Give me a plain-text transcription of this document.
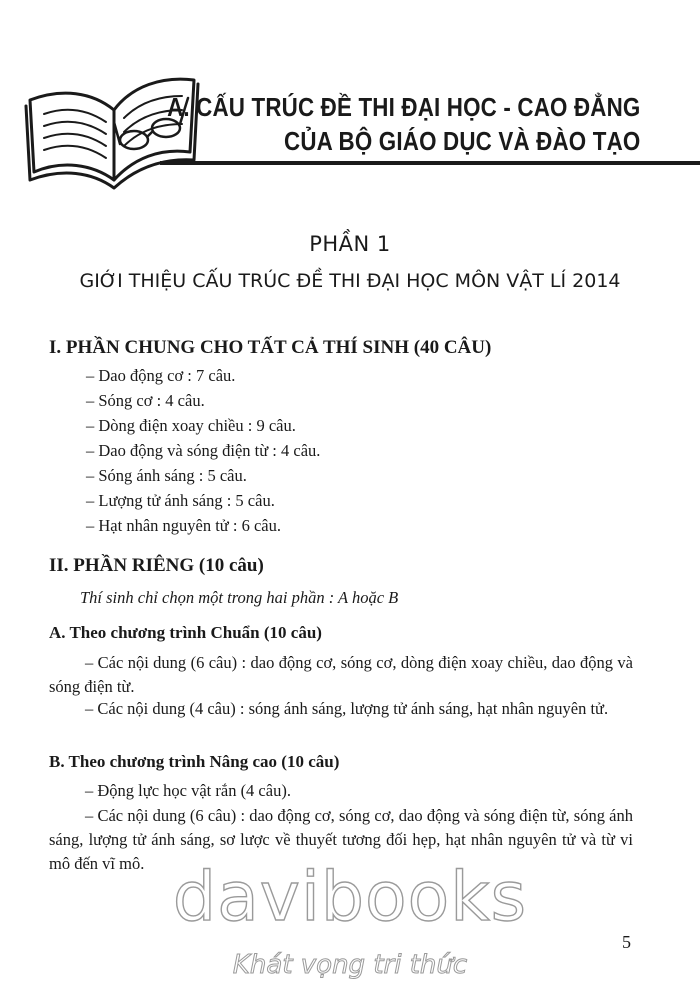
A. CẤU TRÚC ĐỀ THI ĐẠI HỌC - CAO ĐẲNG
CỦA BỘ GIÁO DỤC VÀ ĐÀO TẠO
PHẦN 1
GIỚI THIỆU CẤU TRÚC ĐỀ THI ĐẠI HỌC MÔN VẬT LÍ 2014
I. PHẦN CHUNG CHO TẤT CẢ THÍ SINH (40 CÂU)
– Dao động cơ : 7 câu.
– Sóng cơ : 4 câu.
– Dòng điện xoay chiều : 9 câu.
– Dao động và sóng điện từ : 4 câu.
– Sóng ánh sáng : 5 câu.
– Lượng tử ánh sáng : 5 câu.
– Hạt nhân nguyên tử : 6 câu.
II. PHẦN RIÊNG (10 câu)
Thí sinh chỉ chọn một trong hai phần : A hoặc B
A. Theo chương trình Chuẩn (10 câu)
– Các nội dung (6 câu) : dao động cơ, sóng cơ, dòng điện xoay chiều, dao động và sóng điện từ.
– Các nội dung (4 câu) : sóng ánh sáng, lượng tử ánh sáng, hạt nhân nguyên tử.
B. Theo chương trình Nâng cao (10 câu)
– Động lực học vật rắn (4 câu).
– Các nội dung (6 câu) : dao động cơ, sóng cơ, dao động và sóng điện từ, sóng ánh sáng, lượng tử ánh sáng, sơ lược về thuyết tương đối hẹp, hạt nhân nguyên tử và từ vi mô đến vĩ mô. davibooks
Khát vọng tri thức
5
